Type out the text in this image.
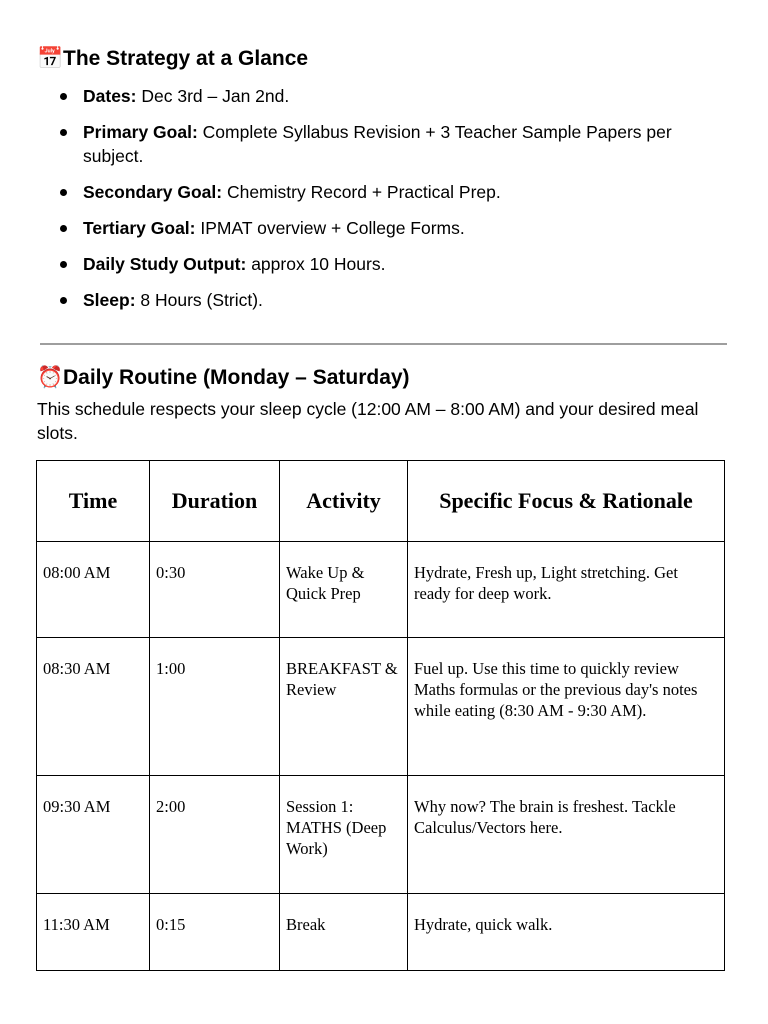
📅The Strategy at a Glance
Dates: Dec 3rd – Jan 2nd.
Primary Goal: Complete Syllabus Revision + 3 Teacher Sample Papers per subject.
Secondary Goal: Chemistry Record + Practical Prep.
Tertiary Goal: IPMAT overview + College Forms.
Daily Study Output: approx 10 Hours.
Sleep: 8 Hours (Strict).
⏰Daily Routine (Monday – Saturday)
This schedule respects your sleep cycle (12:00 AM – 8:00 AM) and your desired meal slots.
Time	Duration	Activity	Specific Focus & Rationale
08:00 AM	0:30	Wake Up & Quick Prep	Hydrate, Fresh up, Light stretching. Get ready for deep work.
08:30 AM	1:00	BREAKFAST & Review	Fuel up. Use this time to quickly review Maths formulas or the previous day's notes while eating (8:30 AM - 9:30 AM).
09:30 AM	2:00	Session 1: MATHS (Deep Work)	Why now? The brain is freshest. Tackle Calculus/Vectors here.
11:30 AM	0:15	Break	Hydrate, quick walk.
